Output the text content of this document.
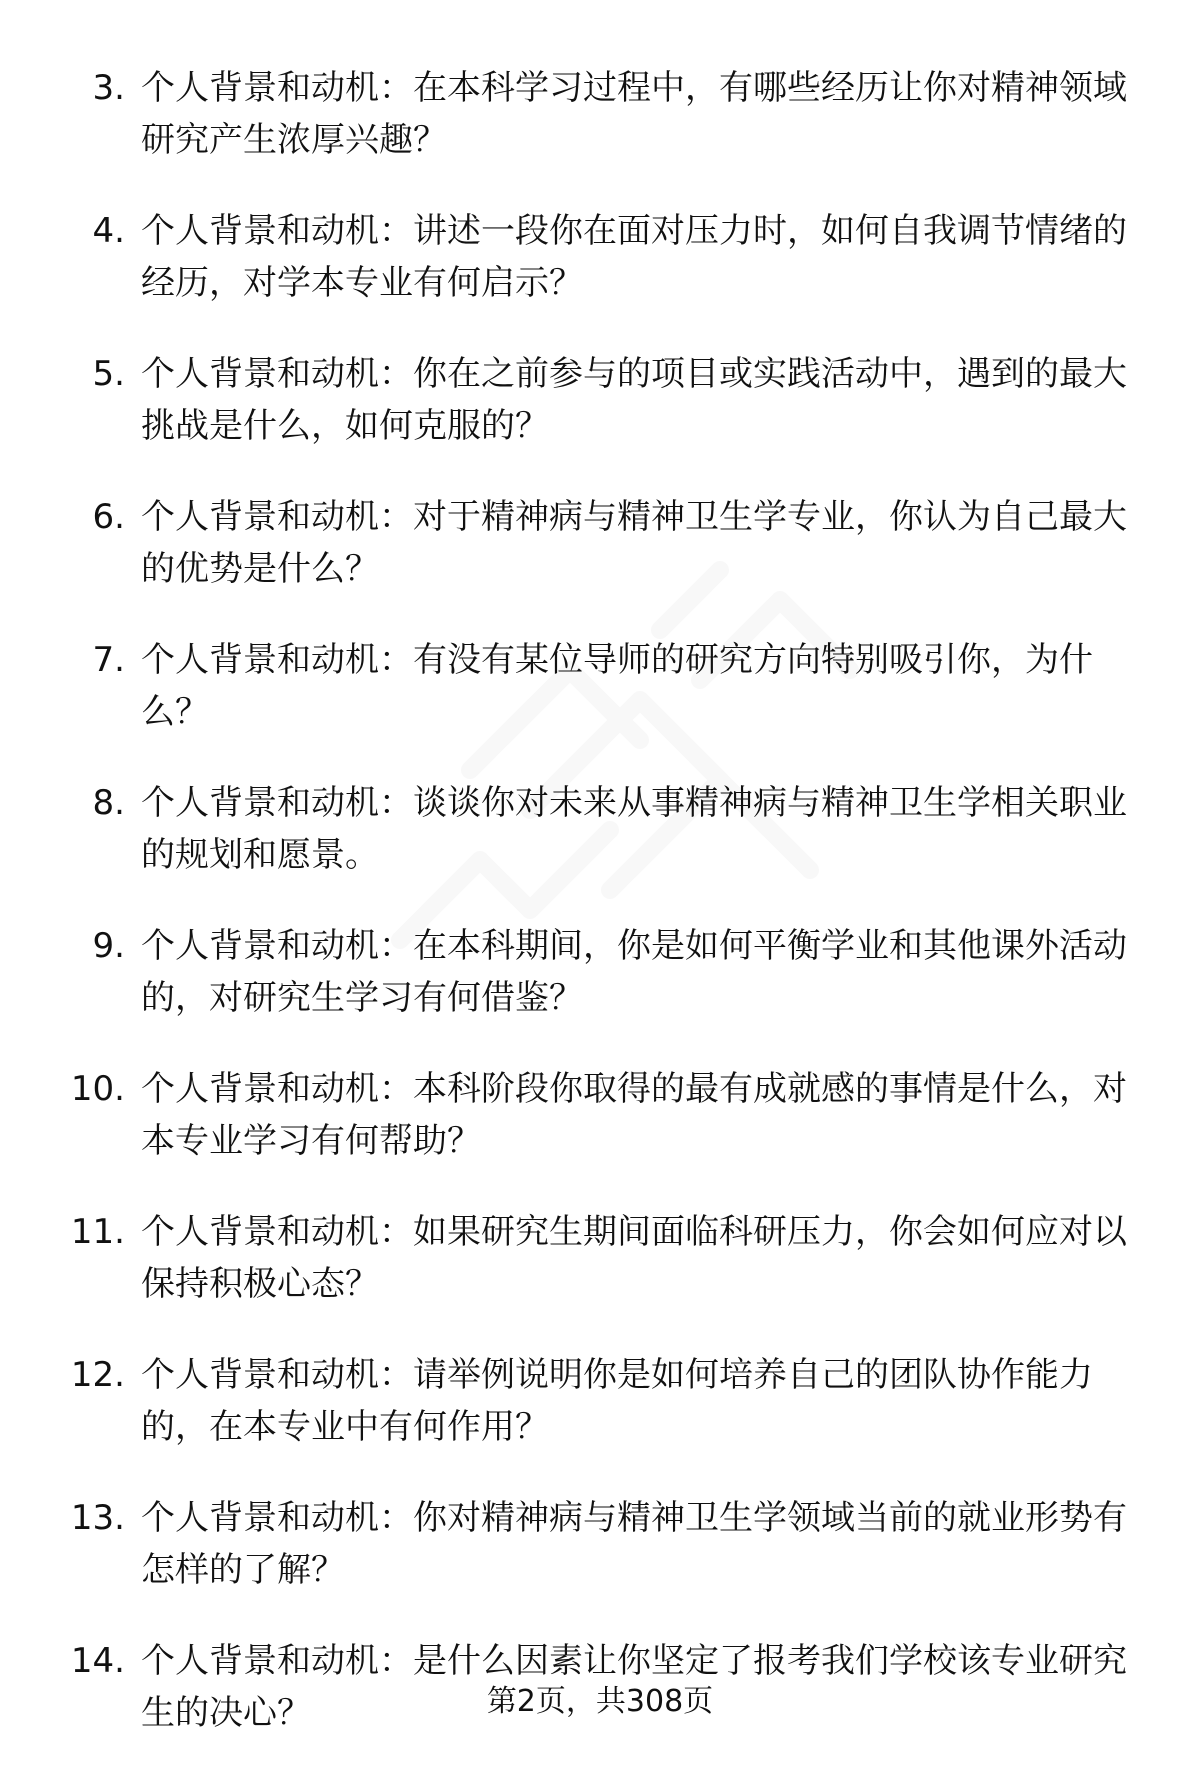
3. 个人背景和动机：在本科学习过程中，有哪些经历让你对精神领域研究产生浓厚兴趣？
4. 个人背景和动机：讲述一段你在面对压力时，如何自我调节情绪的经历，对学本专业有何启示？
5. 个人背景和动机：你在之前参与的项目或实践活动中，遇到的最大挑战是什么，如何克服的？
6. 个人背景和动机：对于精神病与精神卫生学专业，你认为自己最大的优势是什么？
7. 个人背景和动机：有没有某位导师的研究方向特别吸引你，为什么？
8. 个人背景和动机：谈谈你对未来从事精神病与精神卫生学相关职业的规划和愿景。
9. 个人背景和动机：在本科期间，你是如何平衡学业和其他课外活动的，对研究生学习有何借鉴？
10. 个人背景和动机：本科阶段你取得的最有成就感的事情是什么，对本专业学习有何帮助？
11. 个人背景和动机：如果研究生期间面临科研压力，你会如何应对以保持积极心态？
12. 个人背景和动机：请举例说明你是如何培养自己的团队协作能力的，在本专业中有何作用？
13. 个人背景和动机：你对精神病与精神卫生学领域当前的就业形势有怎样的了解？
14. 个人背景和动机：是什么因素让你坚定了报考我们学校该专业研究生的决心？	第2页，共308页
